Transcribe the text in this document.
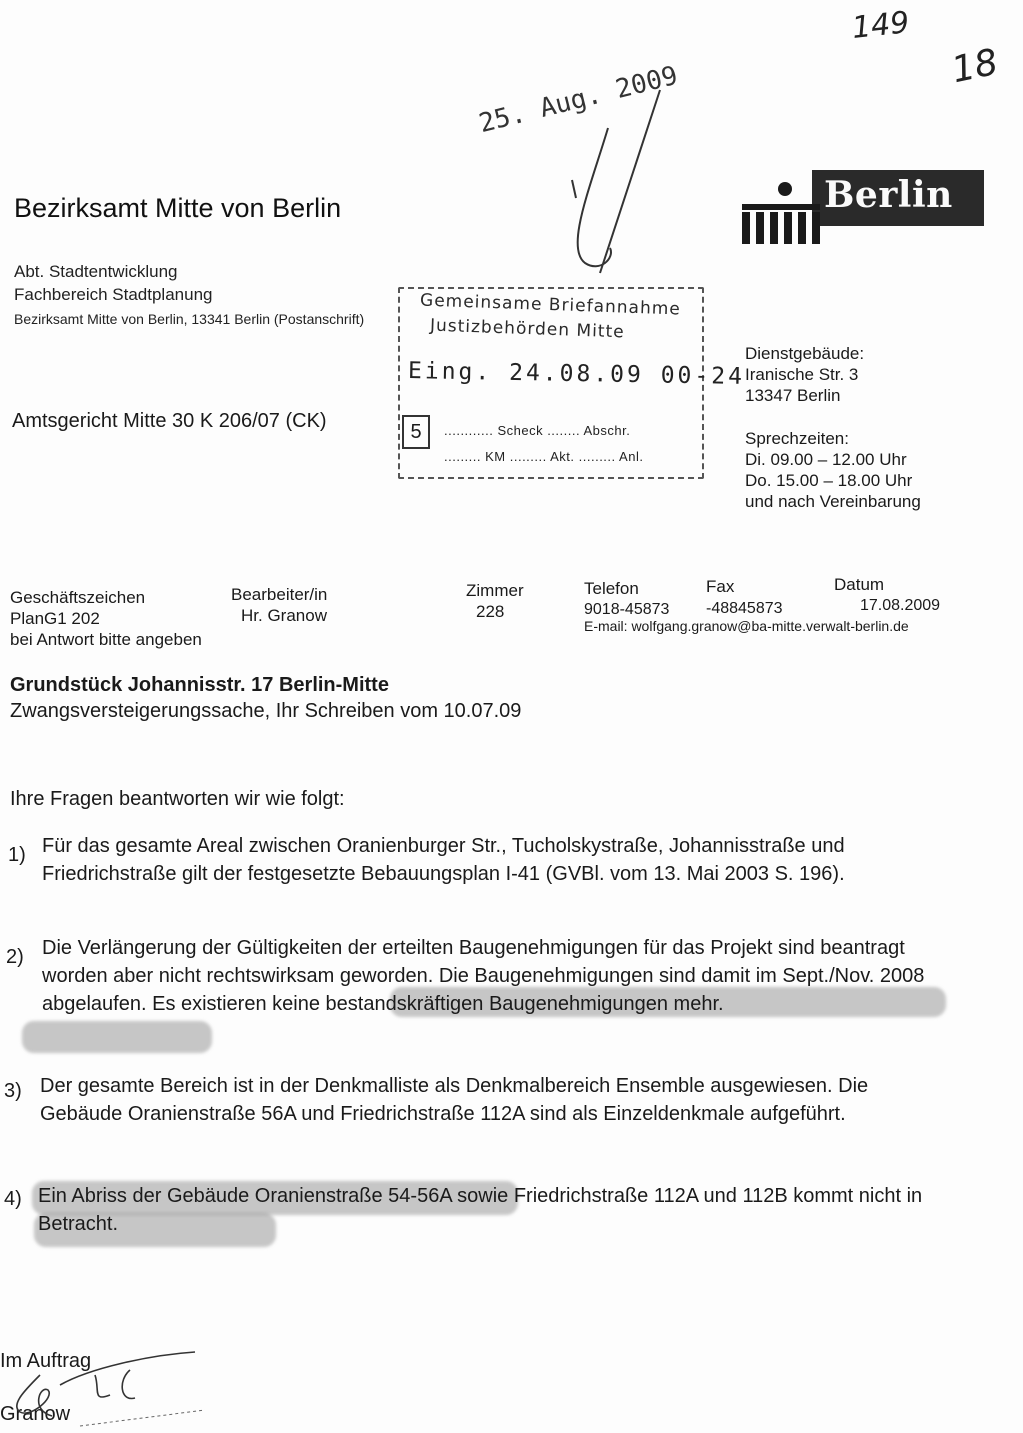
149
18
25. Aug. 2009
Bezirksamt Mitte von Berlin
Abt. Stadtentwicklung
Fachbereich Stadtplanung
Bezirksamt Mitte von Berlin, 13341 Berlin (Postanschrift)
Berlin
Amtsgericht Mitte 30 K 206/07 (CK)
Gemeinsame Briefannahme
Justizbehörden Mitte
Eing. 24.08.09 00-24
5	............ Scheck ........ Abschr.
......... KM ......... Akt. ......... Anl.
Dienstgebäude:
Iranische Str. 3
13347 Berlin
Sprechzeiten:
Di. 09.00 – 12.00 Uhr
Do. 15.00 – 18.00 Uhr
und nach Vereinbarung
Geschäftszeichen
PlanG1 202
bei Antwort bitte angeben
Bearbeiter/in
Hr. Granow
Zimmer
228
Telefon
9018-45873
Fax
-48845873
Datum
17.08.2009
E-mail: wolfgang.granow@ba-mitte.verwalt-berlin.de
Grundstück Johannisstr. 17 Berlin-Mitte
Zwangsversteigerungssache, Ihr Schreiben vom 10.07.09
Ihre Fragen beantworten wir wie folgt:
1) Für das gesamte Areal zwischen Oranienburger Str., Tucholskystraße, Johannisstraße und Friedrichstraße gilt der festgesetzte Bebauungsplan I-41 (GVBl. vom 13. Mai 2003 S. 196).
2) Die Verlängerung der Gültigkeiten der erteilten Baugenehmigungen für das Projekt sind beantragt worden aber nicht rechtswirksam geworden. Die Baugenehmigungen sind damit im Sept./Nov. 2008 abgelaufen. Es existieren keine bestandskräftigen Baugenehmigungen mehr.
3) Der gesamte Bereich ist in der Denkmalliste als Denkmalbereich Ensemble ausgewiesen. Die Gebäude Oranienstraße 56A und Friedrichstraße 112A sind als Einzeldenkmale aufgeführt.
4) Ein Abriss der Gebäude Oranienstraße 54-56A sowie Friedrichstraße 112A und 112B kommt nicht in Betracht.
Im Auftrag
Granow
